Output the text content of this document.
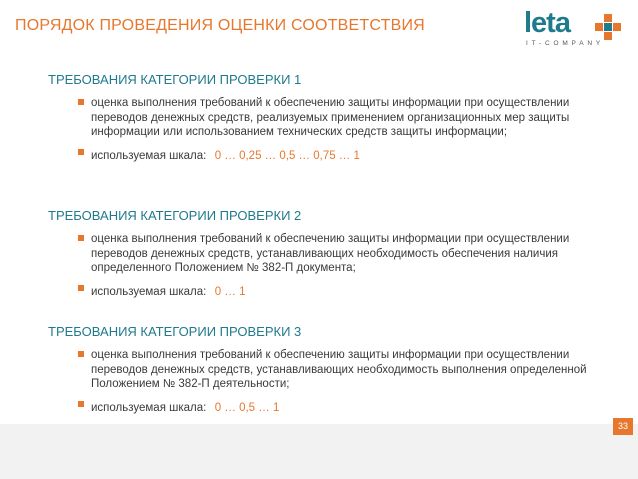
ПОРЯДОК ПРОВЕДЕНИЯ ОЦЕНКИ СООТВЕТСТВИЯ	leta
IT-COMPANY
ТРЕБОВАНИЯ КАТЕГОРИИ ПРОВЕРКИ 1
оценка выполнения требований к обеспечению защиты информации при осуществлении переводов денежных средств, реализуемых применением организационных мер защиты информации или использованием технических средств защиты информации;
используемая шкала: 0 … 0,25 … 0,5 … 0,75 … 1
ТРЕБОВАНИЯ КАТЕГОРИИ ПРОВЕРКИ 2
оценка выполнения требований к обеспечению защиты информации при осуществлении переводов денежных средств, устанавливающих необходимость обеспечения наличия определенного Положением № 382-П документа;
используемая шкала: 0 … 1
ТРЕБОВАНИЯ КАТЕГОРИИ ПРОВЕРКИ 3
оценка выполнения требований к обеспечению защиты информации при осуществлении переводов денежных средств, устанавливающих необходимость выполнения определенной Положением № 382-П деятельности;
используемая шкала: 0 … 0,5 … 1
33
